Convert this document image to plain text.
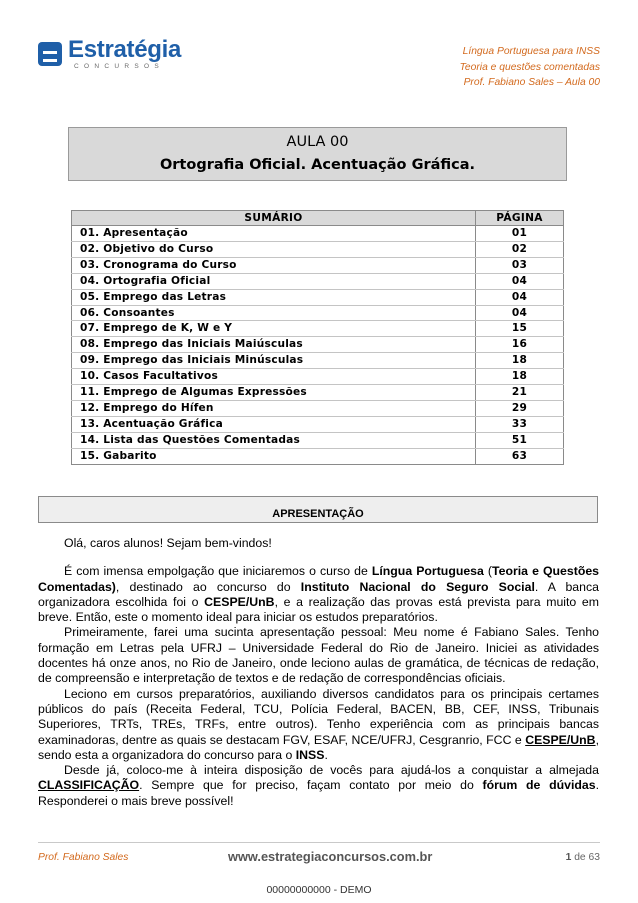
Estratégia
CONCURSOS
Língua Portuguesa para INSS
Teoria e questões comentadas
Prof. Fabiano Sales – Aula 00
AULA 00
Ortografia Oficial. Acentuação Gráfica.
SUMÁRIO	PÁGINA
01. Apresentação	01
02. Objetivo do Curso	02
03. Cronograma do Curso	03
04. Ortografia Oficial	04
05. Emprego das Letras	04
06. Consoantes	04
07. Emprego de K, W e Y	15
08. Emprego das Iniciais Maiúsculas	16
09. Emprego das Iniciais Minúsculas	18
10. Casos Facultativos	18
11. Emprego de Algumas Expressões	21
12. Emprego do Hífen	29
13. Acentuação Gráfica	33
14. Lista das Questões Comentadas	51
15. Gabarito	63
APRESENTAÇÃO

Olá, caros alunos! Sejam bem-vindos!

É com imensa empolgação que iniciaremos o curso de Língua Portuguesa (Teoria e Questões Comentadas), destinado ao concurso do Instituto Nacional do Seguro Social. A banca organizadora escolhida foi o CESPE/UnB, e a realização das provas está prevista para muito em breve. Então, este o momento ideal para iniciar os estudos preparatórios.

Primeiramente, farei uma sucinta apresentação pessoal: Meu nome é Fabiano Sales. Tenho formação em Letras pela UFRJ – Universidade Federal do Rio de Janeiro. Iniciei as atividades docentes há onze anos, no Rio de Janeiro, onde leciono aulas de gramática, de técnicas de redação, de compreensão e interpretação de textos e de redação de correspondências oficiais.

Leciono em cursos preparatórios, auxiliando diversos candidatos para os principais certames públicos do país (Receita Federal, TCU, Polícia Federal, BACEN, BB, CEF, INSS, Tribunais Superiores, TRTs, TREs, TRFs, entre outros). Tenho experiência com as principais bancas examinadoras, dentre as quais se destacam FGV, ESAF, NCE/UFRJ, Cesgranrio, FCC e CESPE/UnB, sendo esta a organizadora do concurso para o INSS.

Desde já, coloco-me à inteira disposição de vocês para ajudá-los a conquistar a almejada CLASSIFICAÇÃO. Sempre que for preciso, façam contato por meio do fórum de dúvidas. Responderei o mais breve possível!

Prof. Fabiano Sales	www.estrategiaconcursos.com.br	1 de 63
00000000000 - DEMO
